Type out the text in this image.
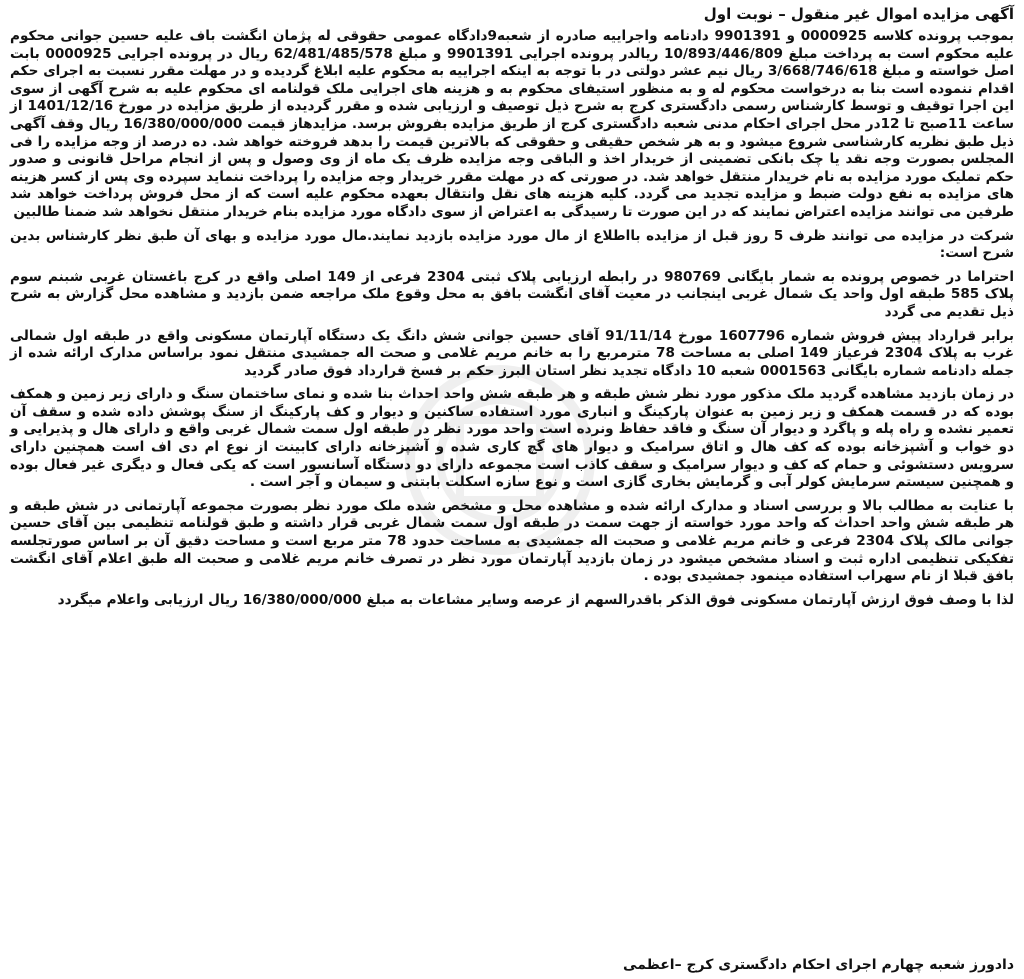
آگهی مزایده اموال غیر منقول – نوبت اول

بموجب پرونده کلاسه 0000925 و 9901391 دادنامه واجراییه صادره از شعبه9دادگاه عمومی حقوقی له پژمان انگشت باف علیه حسین جوانی محکوم علیه محکوم است به پرداخت مبلغ 10/893/446/809 ریالدر پرونده اجرایی 9901391 و مبلغ 62/481/485/578 ریال در پرونده اجرایی 0000925 بابت اصل خواسته و مبلغ 3/668/746/618 ریال نیم عشر دولتی در با توجه به اینکه اجراییه به محکوم علیه ابلاغ گردیده و در مهلت مقرر نسبت به اجرای حکم اقدام ننموده است بنا به درخواست محکوم له و به منظور استیفای محکوم به و هزینه های اجرایی ملک قولنامه ای محکوم علیه به شرح آگهی از سوی این اجرا توقیف و توسط کارشناس رسمی دادگستری کرج به شرح ذیل توصیف و ارزیابی شده و مقرر گردیده از طریق مزایده در مورخ 1401/12/16 از ساعت 11صبح تا 12در محل اجرای احکام مدنی شعبه دادگستری کرج از طریق مزایده بفروش برسد. مزایدهاز قیمت 16/380/000/000 ریال وقف آگهی ذیل طبق نظریه کارشناسی شروع میشود و به هر شخص حقیقی و حقوقی که بالاترین قیمت را بدهد فروخته خواهد شد. ده درصد از وجه مزایده را فی المجلس بصورت وجه نقد یا چک بانکی تضمینی از خریدار اخذ و الباقی وجه مزایده ظرف یک ماه از وی وصول و پس از انجام مراحل قانونی و صدور حکم تملیک مورد مزایده به نام خریدار منتقل خواهد شد. در صورتی که در مهلت مقرر خریدار وجه مزایده را پرداخت ننماید سپرده وی پس از کسر هزینه های مزایده به نفع دولت ضبط و مزایده تجدید می گردد. کلیه هزینه های نقل وانتقال بعهده محکوم علیه است که از محل فروش پرداخت خواهد شد طرفین می توانند مزایده اعتراض نمایند که در این صورت تا رسیدگی به اعتراض از سوی دادگاه مورد مزایده بنام خریدار منتقل نخواهد شد ضمنا طالبین

شرکت در مزایده می توانند ظرف 5 روز قبل از مزایده بااطلاع از مال مورد مزایده بازدید نمایند.مال مورد مزایده و بهای آن طبق نظر کارشناس بدین شرح است:

احتراما در خصوص پرونده به شمار بایگانی 980769 در رابطه ارزیابی پلاک ثبتی 2304 فرعی از 149 اصلی واقع در کرج باغستان غربی شبنم سوم پلاک 585 طبقه اول واحد یک شمال غربی اینجانب در معیت آقای انگشت بافق به محل وقوع ملک مراجعه ضمن بازدید و مشاهده محل گزارش به شرح ذیل تقدیم می گردد

برابر قرارداد پیش فروش شماره 1607796 مورخ 91/11/14 آقای حسین جوانی شش دانگ یک دستگاه آپارتمان مسکونی واقع در طبقه اول شمالی غرب به پلاک 2304 فرعیاز 149 اصلی به مساحت 78 مترمربع را به خانم مریم غلامی و صحت اله جمشیدی منتقل نمود براساس مدارک ارائه شده از جمله دادنامه شماره بایگانی 0001563 شعبه 10 دادگاه تجدید نظر استان البرز حکم بر فسخ قرارداد فوق صادر گردید

در زمان بازدید مشاهده گردید ملک مذکور مورد نظر شش طبقه و هر طبقه شش واحد احداث بنا شده و نمای ساختمان سنگ و دارای زیر زمین و همکف بوده که در قسمت همکف و زیر زمین به عنوان پارکینگ و انباری مورد استفاده ساکنین و دیوار و کف پارکینگ از سنگ پوشش داده شده و سقف آن تعمیر نشده و راه پله و پاگرد و دیوار آن سنگ و فاقد حفاظ ونرده است واحد مورد نظر در طبقه اول سمت شمال غربی واقع و دارای هال و پذیرایی و دو خواب و آشپزخانه بوده که کف هال و اتاق سرامیک و دیوار های گچ کاری شده و آشپزخانه دارای کابینت از نوع ام دی اف است همچنین دارای سرویس دستشوئی و حمام که کف و دیوار سرامیک و سقف کاذب است مجموعه دارای دو دستگاه آسانسور است که یکی فعال و دیگری غیر فعال بوده و همچنین سیستم سرمایش کولر آبی و گرمایش بخاری گازی است و نوع سازه اسکلت بابتنی و سیمان و آجر است .

با عنایت به مطالب بالا و بررسی اسناد و مدارک ارائه شده و مشاهده محل و مشخص شده ملک مورد نظر بصورت مجموعه آپارتمانی در شش طبقه و هر طبقه شش واحد احداث که واحد مورد خواسته از جهت سمت در طبقه اول سمت شمال غربی قرار داشته و طبق قولنامه تنظیمی بین آقای حسین جوانی مالک پلاک 2304 فرعی و خانم مریم غلامی و صحبت اله جمشیدی به مساحت حدود 78 متر مربع است و مساحت دقیق آن بر اساس صورتجلسه تفکیکی تنظیمی اداره ثبت و اسناد مشخص میشود در زمان بازدید آپارتمان مورد نظر در تصرف خانم مریم غلامی و صحبت اله طبق اعلام آقای انگشت بافق قبلا از نام سهراب استفاده مینمود جمشیدی بوده .

لذا با وصف فوق ارزش آپارتمان مسکونی فوق الذکر باقدرالسهم از عرصه وسایر مشاعات به مبلغ 16/380/000/000 ریال ارزیابی واعلام میگردد

دادورز شعبه چهارم اجرای احکام دادگستری کرج –اعظمی
